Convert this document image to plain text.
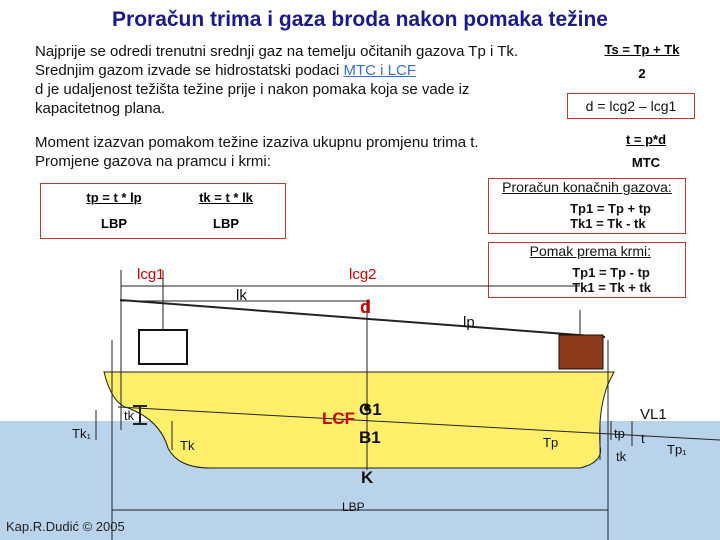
Proračun trima i gaza broda nakon pomaka težine
Najprije se odredi trenutni srednji gaz na temelju očitanih gazova Tp i Tk.
Srednjim gazom izvade se hidrostatski podaci MTC i LCF
d je udaljenost težišta težine prije i nakon pomaka koja se vade iz
kapacitetnog plana.
Moment izazvan pomakom težine izaziva ukupnu promjenu trima t.
Promjene gazova na pramcu i krmi:
$\frac{Ts = Tp + Tk}{2}$
d = lcg2 – lcg1
t = p*d
MTC
Proračun konačnih gazova:
Tp1 = Tp + tp
Tk1 = Tk - tk
Pomak prema krmi:
Tp1 = Tp - tp
Tk1 = Tk + tk
tp = t * lp
LBP
tk = t * lk
LBP
lcg1	lcg2
lk
d
lp
tk
Tk₁
Tk
LCF G1
B1
K
LBP
Tp
tp
tk
t
VL1
Tp₁
Kap.R.Dudić © 2005
